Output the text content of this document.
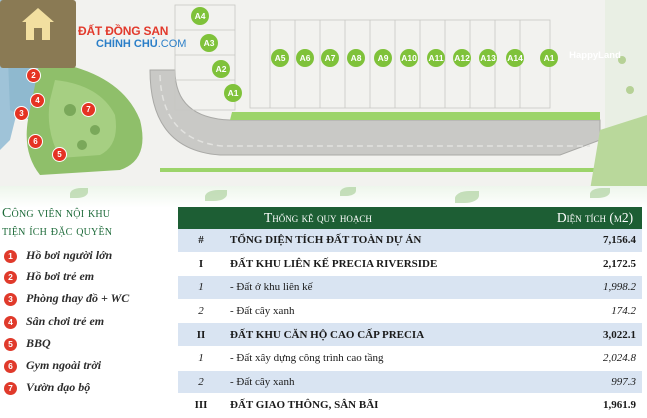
A4
A3
A2
A1
A5	A6	A7	A8	A9	A10 A11 A12 A13 A14	A1
2
3
4
5
6
7
ĐẤT ĐỒNG SAN
CHÍNH CHỦ.COM
HappyLand
Công viên nội khu
tiện ích đặc quyền
1	Hồ bơi người lớn
2	Hồ bơi trẻ em
3	Phòng thay đồ + WC
4	Sân chơi trẻ em
5	BBQ
6	Gym ngoài trời
7	Vườn dạo bộ
Thống kê quy hoạch		Diện tích (m2)
#	TỔNG DIỆN TÍCH ĐẤT TOÀN DỰ ÁN	7,156.4
I	ĐẤT KHU LIÊN KẾ PRECIA RIVERSIDE	2,172.5
1	- Đất ở khu liên kế	1,998.2
2	- Đất cây xanh	174.2
II	ĐẤT KHU CĂN HỘ CAO CẤP PRECIA	3,022.1
1	- Đất xây dựng công trình cao tầng	2,024.8
2	- Đất cây xanh	997.3
III	ĐẤT GIAO THÔNG, SÂN BÃI	1,961.9
